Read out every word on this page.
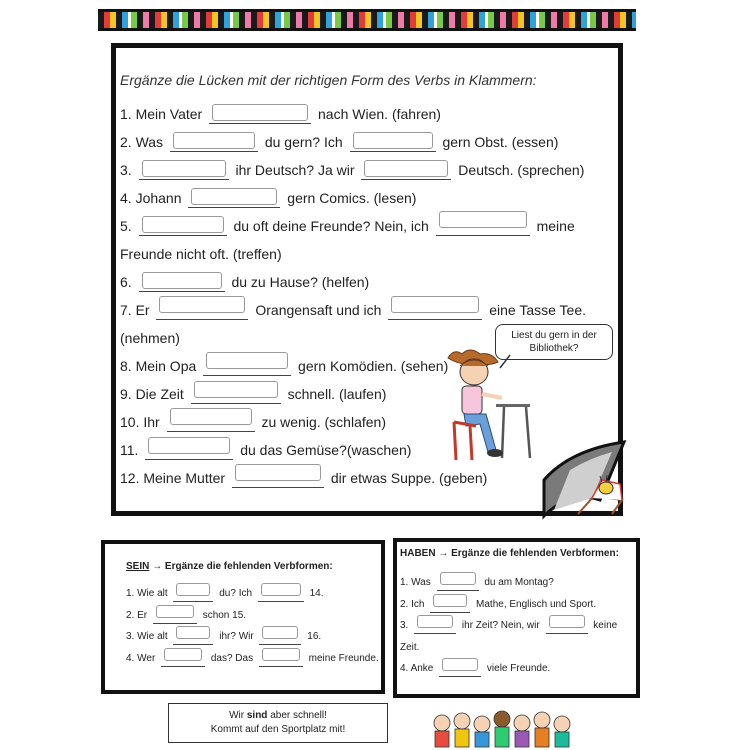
Ergänze die Lücken mit der richtigen Form des Verbs in Klammern:
1. Mein Vater	nach Wien. (fahren)
2. Was	du gern? Ich	gern Obst. (essen)
3.	ihr Deutsch? Ja wir	Deutsch. (sprechen)
4. Johann	gern Comics. (lesen)
5.	du oft deine Freunde? Nein, ich	meine
Freunde nicht oft. (treffen)
6.	du zu Hause? (helfen)
7. Er	Orangensaft und ich	eine Tasse Tee.
(nehmen)
8. Mein Opa	gern Komödien. (sehen)
9. Die Zeit	schnell. (laufen)
10. Ihr	zu wenig. (schlafen)
11.	du das Gemüse?(waschen)
12. Meine Mutter	dir etwas Suppe. (geben)
Liest du gern in der
Bibliothek?
SEIN → Ergänze die fehlenden Verbformen:
1. Wie alt	du? Ich	14.
2. Er	schon 15.
3. Wie alt	ihr? Wir	16.
4. Wer	das? Das	meine Freunde.
HABEN → Ergänze die fehlenden Verbformen:
1. Was	du am Montag?
2. Ich	Mathe, Englisch und Sport.
3.	ihr Zeit? Nein, wir	keine
Zeit.
4. Anke	viele Freunde.
Wir sind aber schnell!
Kommt auf den Sportplatz mit!
